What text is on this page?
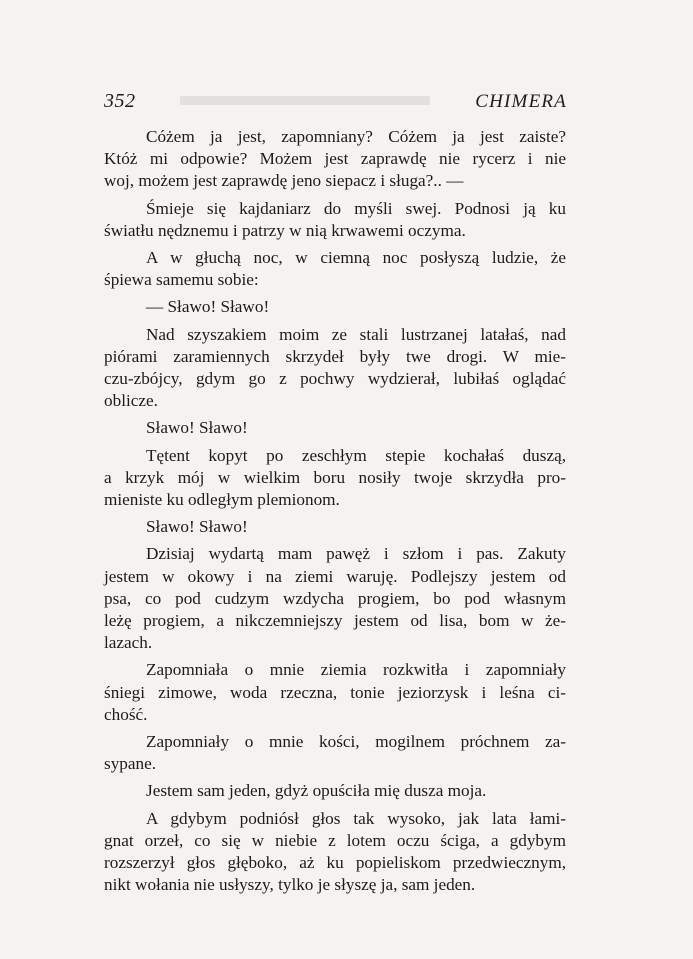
352	CHIMERA
Cóżem ja jest, zapomniany? Cóżem ja jest zaiste?
Któż mi odpowie? Możem jest zaprawdę nie rycerz i nie
woj, możem jest zaprawdę jeno siepacz i sługa?.. —
Śmieje się kajdaniarz do myśli swej. Podnosi ją ku
światłu nędznemu i patrzy w nią krwawemi oczyma.
A w głuchą noc, w ciemną noc posłyszą ludzie, że
śpiewa samemu sobie:
— Sławo! Sławo!
Nad szyszakiem moim ze stali lustrzanej latałaś, nad
piórami zaramiennych skrzydeł były twe drogi. W mie-
czu-zbójcy, gdym go z pochwy wydzierał, lubiłaś oglądać
oblicze.
Sławo! Sławo!
Tętent kopyt po zeschłym stepie kochałaś duszą,
a krzyk mój w wielkim boru nosiły twoje skrzydła pro-
mieniste ku odległym plemionom.
Sławo! Sławo!
Dzisiaj wydartą mam pawęż i szłom i pas. Zakuty
jestem w okowy i na ziemi waruję. Podlejszy jestem od
psa, co pod cudzym wzdycha progiem, bo pod własnym
leżę progiem, a nikczemniejszy jestem od lisa, bom w że-
lazach.
Zapomniała o mnie ziemia rozkwitła i zapomniały
śniegi zimowe, woda rzeczna, tonie jeziorzysk i leśna ci-
chość.
Zapomniały o mnie kości, mogilnem próchnem za-
sypane.
Jestem sam jeden, gdyż opuściła mię dusza moja.
A gdybym podniósł głos tak wysoko, jak lata łami-
gnat orzeł, co się w niebie z lotem oczu ściga, a gdybym
rozszerzył głos głęboko, aż ku popieliskom przedwiecznym,
nikt wołania nie usłyszy, tylko je słyszę ja, sam jeden.
